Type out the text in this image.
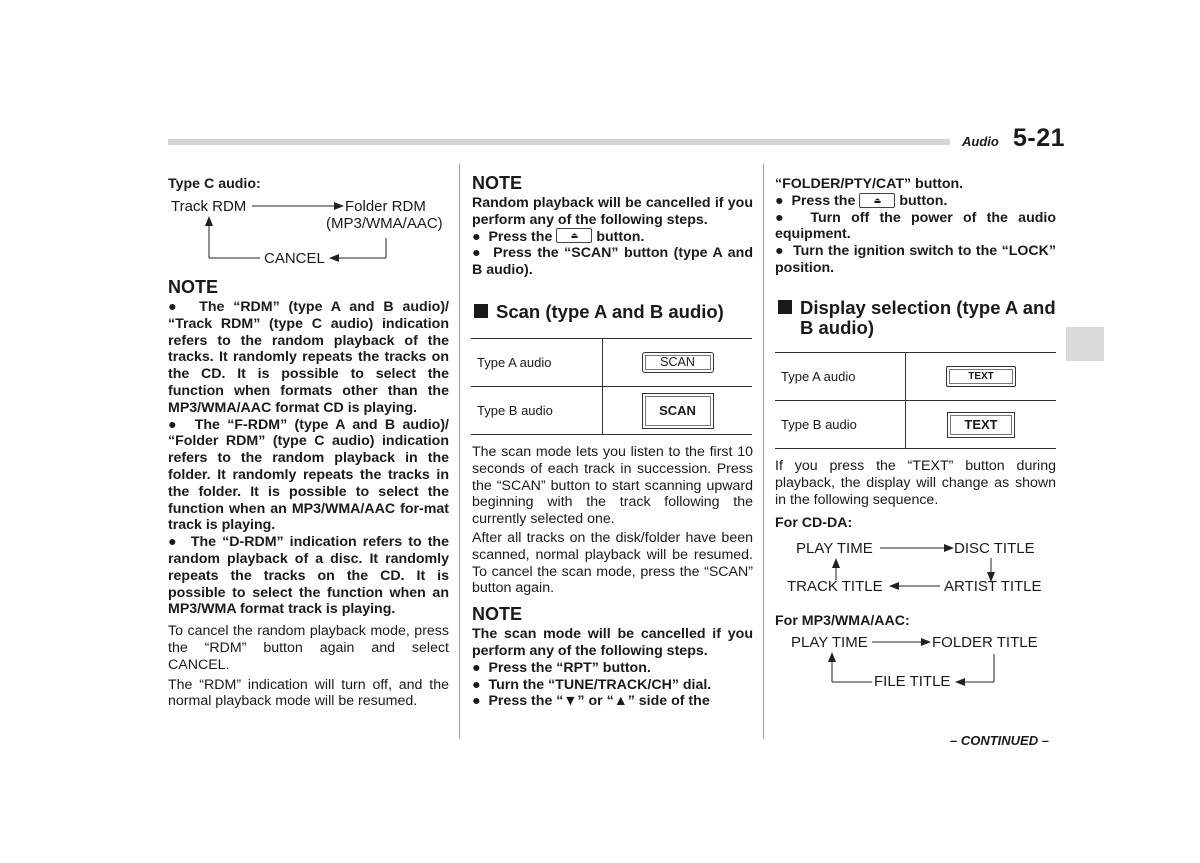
Audio 5-21
Type C audio:
Track RDM	Folder RDM
(MP3/WMA/AAC)
CANCEL
NOTE

●  The “RDM” (type A and B audio)/ “Track RDM” (type C audio) indication refers to the random playback of the tracks. It randomly repeats the tracks on the CD. It is possible to select the function when formats other than the MP3/WMA/AAC format CD is playing.

●  The “F-RDM” (type A and B audio)/ “Folder RDM” (type C audio) indication refers to the random playback in the folder. It randomly repeats the tracks in the folder. It is possible to select the function when an MP3/WMA/AAC for-mat track is playing.

●  The “D-RDM” indication refers to the random playback of a disc. It randomly repeats the tracks on the CD. It is possible to select the function when an MP3/WMA format track is playing.

To cancel the random playback mode, press the “RDM” button again and select CANCEL.

The “RDM” indication will turn off, and the normal playback mode will be resumed.

NOTE

Random playback will be cancelled if you perform any of the following steps.

●  Press the ⏏ button.

●  Press the “SCAN” button (type A and B audio).

Scan (type A and B audio)
Type A audio	SCAN
Type B audio	SCAN

The scan mode lets you listen to the first 10 seconds of each track in succession. Press the “SCAN” button to start scanning upward beginning with the track following the currently selected one.

After all tracks on the disk/folder have been scanned, normal playback will be resumed. To cancel the scan mode, press the “SCAN” button again.

NOTE

The scan mode will be cancelled if you perform any of the following steps.

●  Press the “RPT” button.

●  Turn the “TUNE/TRACK/CH” dial.

●  Press the “▼” or “▲” side of the

“FOLDER/PTY/CAT” button.

●  Press the ⏏ button.

●  Turn off the power of the audio equipment.

●  Turn the ignition switch to the “LOCK” position.

Display selection (type A and
B audio)
Type A audio	TEXT
Type B audio	TEXT

If you press the “TEXT” button during playback, the display will change as shown in the following sequence.

For CD-DA:

PLAY TIME	DISC TITLE
TRACK TITLE	ARTIST TITLE
For MP3/WMA/AAC:
PLAY TIME	FOLDER TITLE
FILE TITLE
– CONTINUED –
